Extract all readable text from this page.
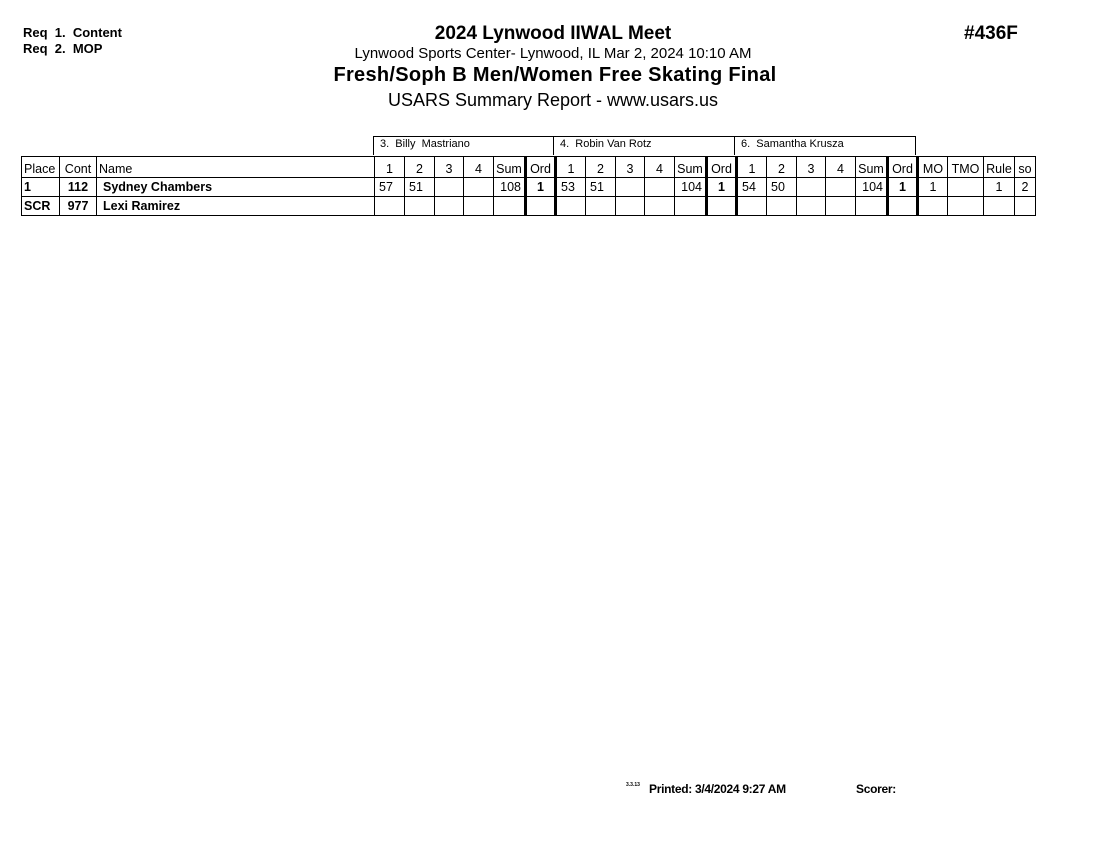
Req  1.  Content
Req  2.  MOP
2024 Lynwood IIWAL Meet
Lynwood Sports Center- Lynwood, IL Mar 2, 2024 10:10 AM
Fresh/Soph B Men/Women Free Skating Final
USARS Summary Report - www.usars.us
#436F
3.  Billy  Mastriano	4.  Robin Van Rotz	6.  Samantha Krusza
Place	Cont	Name	1	2	3	4	Sum	Ord	1	2	3	4	Sum	Ord	1	2	3	4	Sum	Ord	MO	TMO	Rule	so
1	112	Sydney Chambers	57	51			108	1	53	51			104	1	54	50			104	1	1		1	2
SCR	977	Lexi Ramirez																						
3.3.13 Printed: 3/4/2024 9:27 AM	Scorer:
